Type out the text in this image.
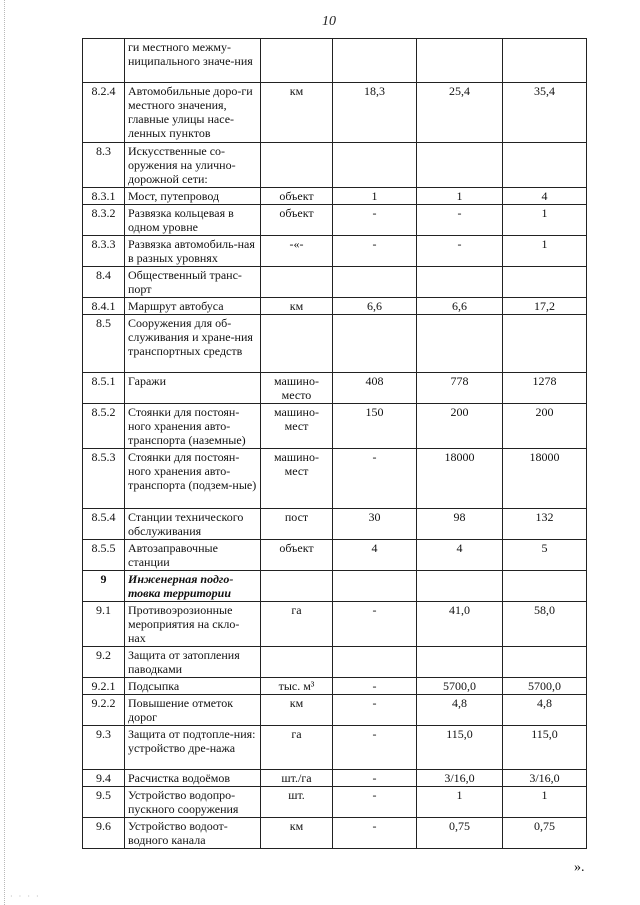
10
	ги местного межму-ниципального значе-ния				
8.2.4	Автомобильные доро-ги местного значения, главные улицы насе-ленных пунктов	км	18,3	25,4	35,4
8.3	Искусственные со-оружения на улично-дорожной сети:				
8.3.1	Мост, путепровод	объект	1	1	4
8.3.2	Развязка кольцевая в одном уровне	объект	-	-	1
8.3.3	Развязка автомобиль-ная в разных уровнях	-«-	-	-	1
8.4	Общественный транс-порт				
8.4.1	Маршрут автобуса	км	6,6	6,6	17,2
8.5	Сооружения для об-служивания и хране-ния транспортных средств				
8.5.1	Гаражи	машино-место	408	778	1278
8.5.2	Стоянки для постоян-ного хранения авто-транспорта (наземные)	машино-мест	150	200	200
8.5.3	Стоянки для постоян-ного хранения авто-транспорта (подзем-ные)	машино-мест	-	18000	18000
8.5.4	Станции технического обслуживания	пост	30	98	132
8.5.5	Автозаправочные станции	объект	4	4	5
9	Инженерная подго-товка территории				
9.1	Противоэрозионные мероприятия на скло-нах	га	-	41,0	58,0
9.2	Защита от затопления паводками				
9.2.1	Подсыпка	тыс. м³	-	5700,0	5700,0
9.2.2	Повышение отметок дорог	км	-	4,8	4,8
9.3	Защита от подтопле-ния: устройство дре-нажа	га	-	115,0	115,0
9.4	Расчистка водоёмов	шт./га	-	3/16,0	3/16,0
9.5	Устройство водопро-пускного сооружения	шт.	-	1	1
9.6	Устройство водоот-водного канала	км	-	0,75	0,75
».
· · · ·
